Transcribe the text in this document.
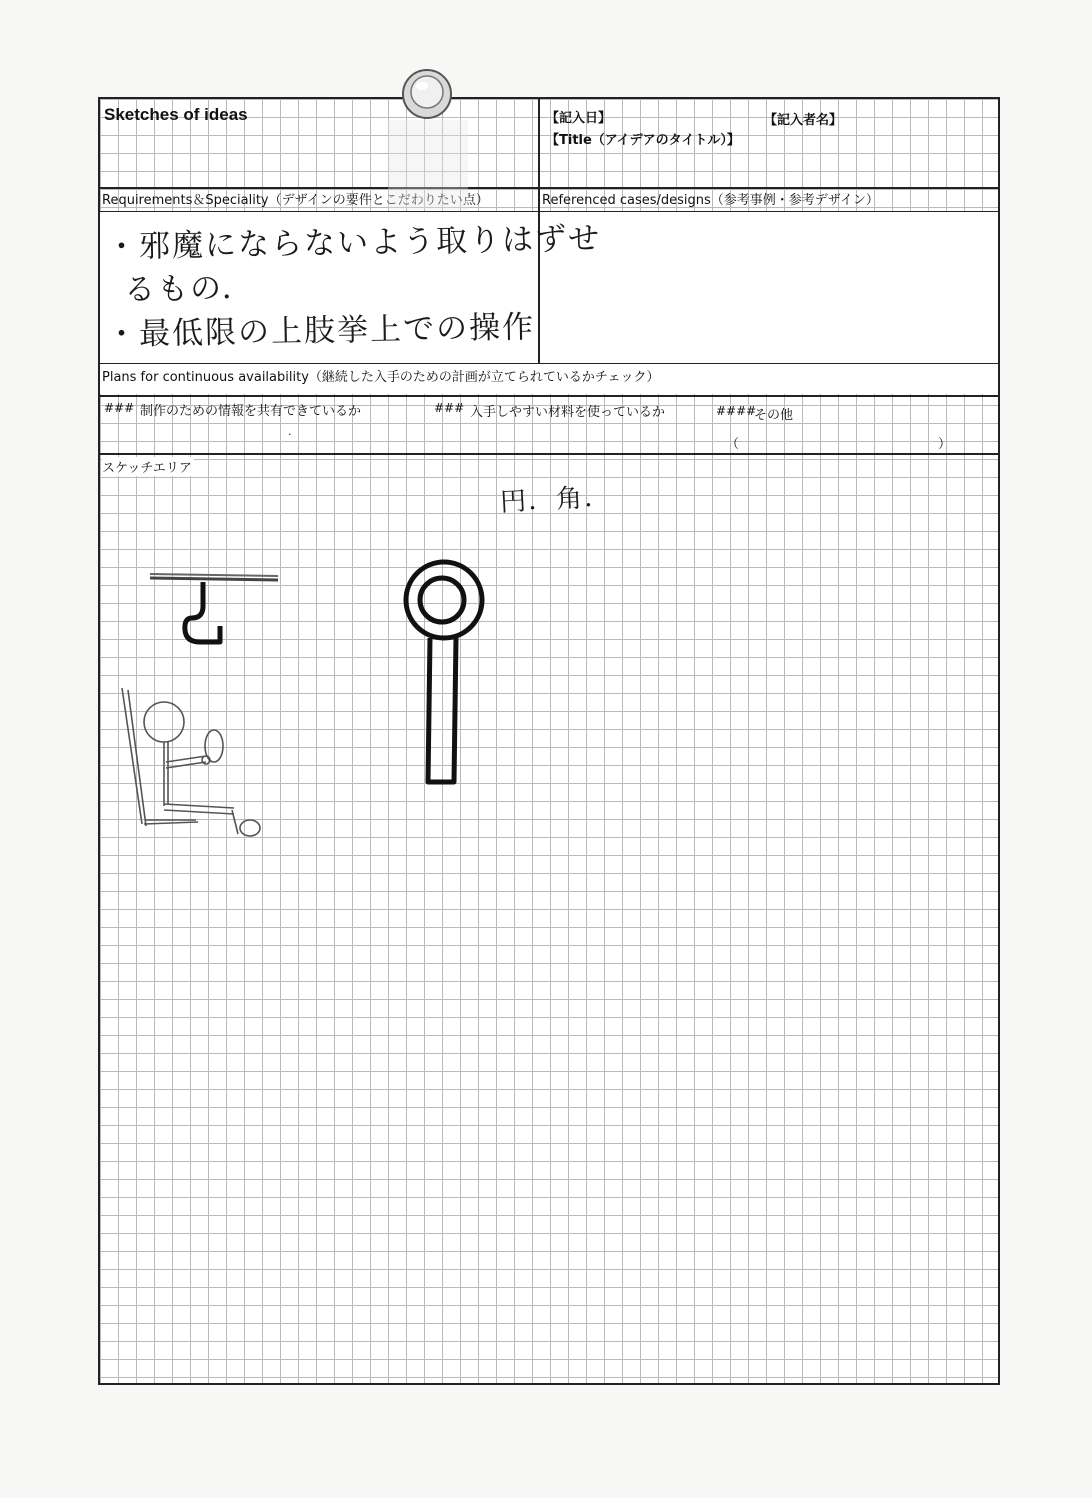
Sketches of ideas	【記入日】	【記入者名】
【Title（アイデアのタイトル）】
Requirements＆Speciality（デザインの要件とこだわりたい点）	Referenced cases/designs（参考事例・参考デザイン）
・邪魔にならないよう取りはずせ
るもの．
・最低限の上肢挙上での操作
Plans for continuous availability（継続した入手のための計画が立てられているかチェック）
### 制作のための情報を共有できているか	### 入手しやすい材料を使っているか	####
その他
.
（	）
スケッチエリア
円．角．
